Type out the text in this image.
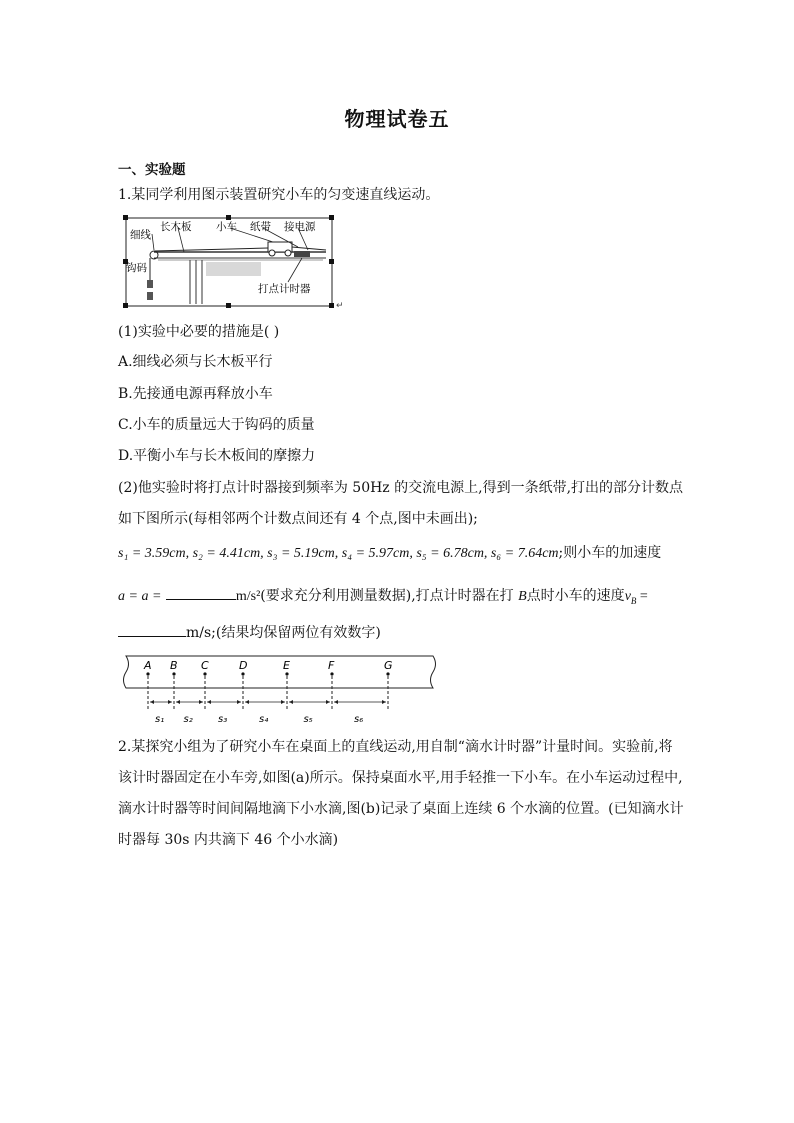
物理试卷五
一、实验题
1.某同学利用图示装置研究小车的匀变速直线运动。
细线
长木板 小车 纸带 接电源
钩码
打点计时器
↵
(1)实验中必要的措施是( )
A.细线必须与长木板平行
B.先接通电源再释放小车
C.小车的质量远大于钩码的质量
D.平衡小车与长木板间的摩擦力
(2)他实验时将打点计时器接到频率为 50Hz 的交流电源上,得到一条纸带,打出的部分计数点
如下图所示(每相邻两个计数点间还有 4 个点,图中未画出);
s₁ = 3.59cm, s₂ = 4.41cm, s₃ = 5.19cm, s₄ = 5.97cm, s₅ = 6.78cm, s₆ = 7.64cm;则小车的加速度
a = a =	m/s²(要求充分利用测量数据),打点计时器在打 B点时小车的速度$v_B$ =
m/s;(结果均保留两位有效数字)
A B C	D	E	F	G
s₁ s₂	s₃	s₄	s₅	s₆
2.某探究小组为了研究小车在桌面上的直线运动,用自制“滴水计时器”计量时间。实验前,将
该计时器固定在小车旁,如图(a)所示。保持桌面水平,用手轻推一下小车。在小车运动过程中,
滴水计时器等时间间隔地滴下小水滴,图(b)记录了桌面上连续 6 个水滴的位置。(已知滴水计
时器每 30s 内共滴下 46 个小水滴)
